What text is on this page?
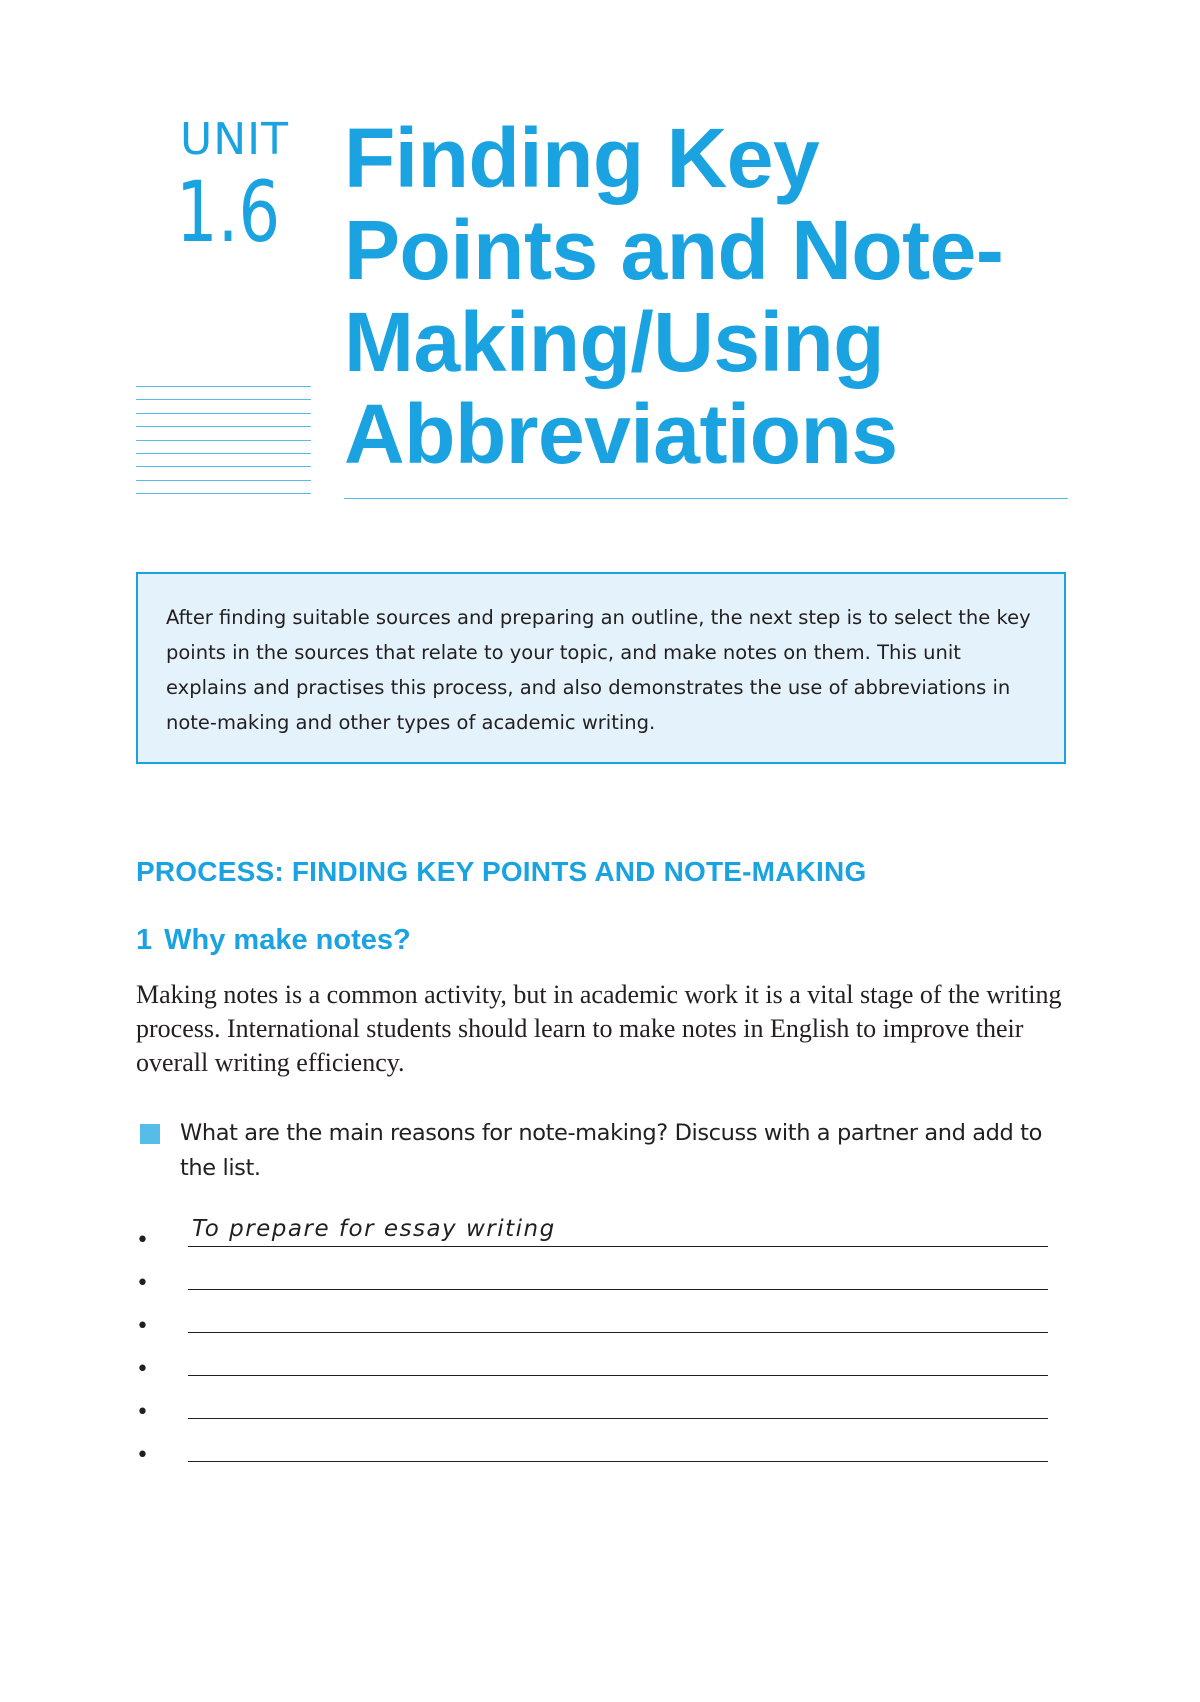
UNIT
1.6
Finding Key Points and Note-Making/Using Abbreviations
After finding suitable sources and preparing an outline, the next step is to select the key points in the sources that relate to your topic, and make notes on them. This unit explains and practises this process, and also demonstrates the use of abbreviations in note-making and other types of academic writing.
PROCESS: FINDING KEY POINTS AND NOTE-MAKING
1 Why make notes?

Making notes is a common activity, but in academic work it is a vital stage of the writing process. International students should learn to make notes in English to improve their overall writing efficiency.

What are the main reasons for note-making? Discuss with a partner and add to the list.
• To prepare for essay writing
•
•
•
•
•
